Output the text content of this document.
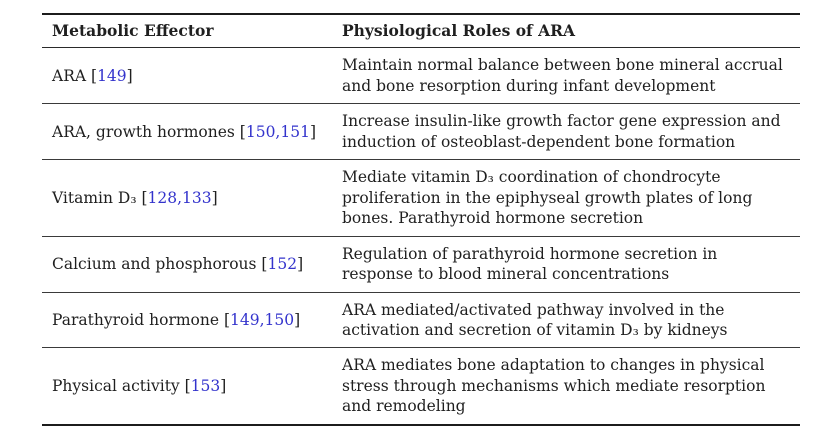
Metabolic Effector	Physiological Roles of ARA
ARA [149]	Maintain normal balance between bone mineral accrual and bone resorption during infant development
ARA, growth hormones [150,151]	Increase insulin-like growth factor gene expression and induction of osteoblast-dependent bone formation
Vitamin D₃ [128,133]	Mediate vitamin D₃ coordination of chondrocyte proliferation in the epiphyseal growth plates of long bones. Parathyroid hormone secretion
Calcium and phosphorous [152]	Regulation of parathyroid hormone secretion in response to blood mineral concentrations
Parathyroid hormone [149,150]	ARA mediated/activated pathway involved in the activation and secretion of vitamin D₃ by kidneys
Physical activity [153]	ARA mediates bone adaptation to changes in physical stress through mechanisms which mediate resorption and remodeling
